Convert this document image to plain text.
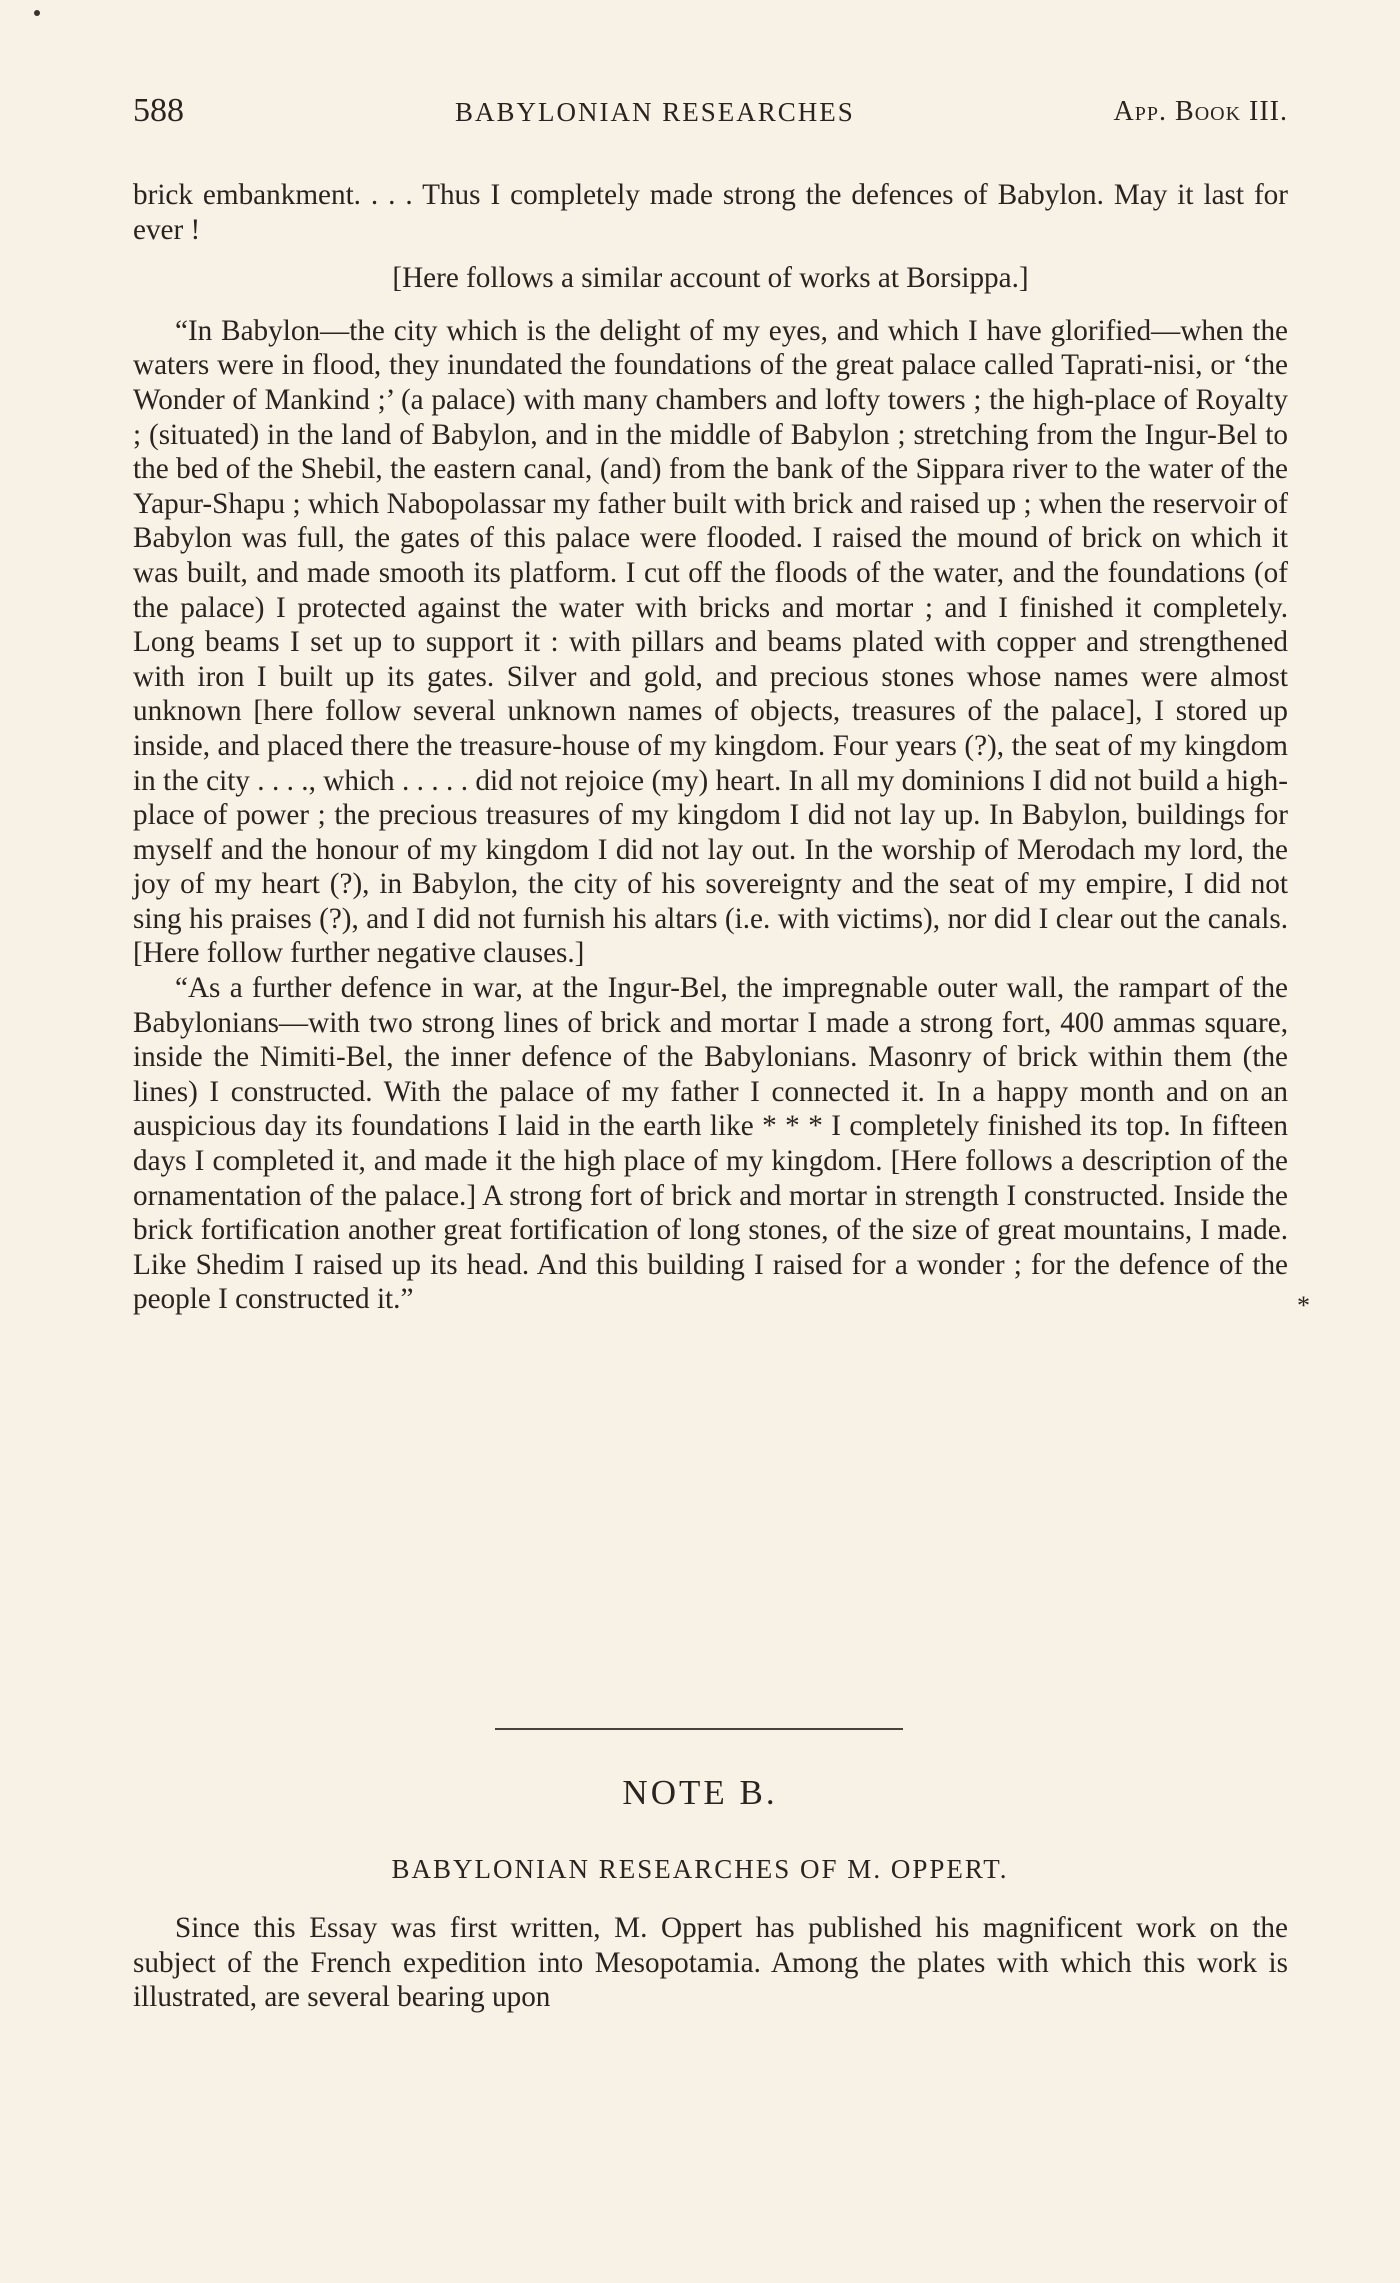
588	BABYLONIAN RESEARCHES	App. Book III.

brick embankment. . . . Thus I completely made strong the defences of Babylon. May it last for ever !

[Here follows a similar account of works at Borsippa.]

“In Babylon—the city which is the delight of my eyes, and which I have glorified—when the waters were in flood, they inundated the foundations of the great palace called Taprati-nisi, or ‘the Wonder of Mankind ;’ (a palace) with many chambers and lofty towers ; the high-place of Royalty ; (situated) in the land of Babylon, and in the middle of Babylon ; stretching from the Ingur-Bel to the bed of the Shebil, the eastern canal, (and) from the bank of the Sippara river to the water of the Yapur-Shapu ; which Nabopolassar my father built with brick and raised up ; when the reservoir of Babylon was full, the gates of this palace were flooded. I raised the mound of brick on which it was built, and made smooth its platform. I cut off the floods of the water, and the foundations (of the palace) I protected against the water with bricks and mortar ; and I finished it completely. Long beams I set up to support it : with pillars and beams plated with copper and strengthened with iron I built up its gates. Silver and gold, and precious stones whose names were almost unknown [here follow several unknown names of objects, treasures of the palace], I stored up inside, and placed there the treasure-house of my kingdom. Four years (?), the seat of my kingdom in the city . . . ., which . . . . . did not rejoice (my) heart. In all my dominions I did not build a high-place of power ; the precious treasures of my kingdom I did not lay up. In Babylon, buildings for myself and the honour of my kingdom I did not lay out. In the worship of Merodach my lord, the joy of my heart (?), in Babylon, the city of his sovereignty and the seat of my empire, I did not sing his praises (?), and I did not furnish his altars (i.e. with victims), nor did I clear out the canals. [Here follow further negative clauses.]

“As a further defence in war, at the Ingur-Bel, the impregnable outer wall, the rampart of the Babylonians—with two strong lines of brick and mortar I made a strong fort, 400 ammas square, inside the Nimiti-Bel, the inner defence of the Babylonians. Masonry of brick within them (the lines) I constructed. With the palace of my father I connected it. In a happy month and on an auspicious day its foundations I laid in the earth like * * * I completely finished its top. In fifteen days I completed it, and made it the high place of my kingdom. [Here follows a description of the ornamentation of the palace.] A strong fort of brick and mortar in strength I constructed. Inside the brick fortification another great fortification of long stones, of the size of great mountains, I made. Like Shedim I raised up its head. And this building I raised for a wonder ; for the defence of the people I constructed it.”	*
NOTE B.
BABYLONIAN RESEARCHES OF M. OPPERT.

Since this Essay was first written, M. Oppert has published his magnificent work on the subject of the French expedition into Mesopotamia. Among the plates with which this work is illustrated, are several bearing upon
